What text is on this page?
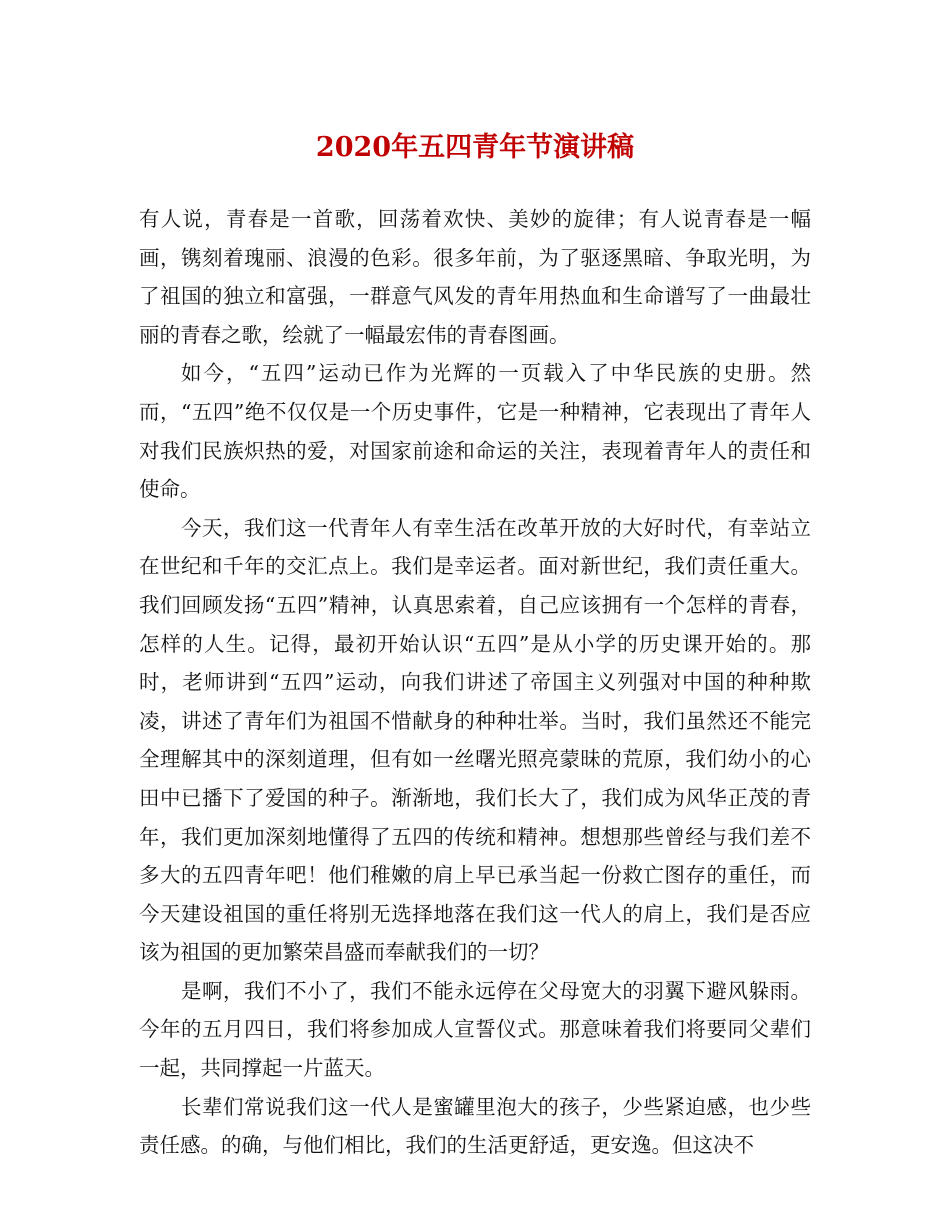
2020年五四青年节演讲稿

有人说，青春是一首歌，回荡着欢快、美妙的旋律；有人说青春是一幅画，镌刻着瑰丽、浪漫的色彩。很多年前，为了驱逐黑暗、争取光明，为了祖国的独立和富强，一群意气风发的青年用热血和生命谱写了一曲最壮丽的青春之歌，绘就了一幅最宏伟的青春图画。

如今，“五四”运动已作为光辉的一页载入了中华民族的史册。然而，“五四”绝不仅仅是一个历史事件，它是一种精神，它表现出了青年人对我们民族炽热的爱，对国家前途和命运的关注，表现着青年人的责任和使命。

今天，我们这一代青年人有幸生活在改革开放的大好时代，有幸站立在世纪和千年的交汇点上。我们是幸运者。面对新世纪，我们责任重大。我们回顾发扬“五四”精神，认真思索着，自己应该拥有一个怎样的青春，怎样的人生。记得，最初开始认识“五四”是从小学的历史课开始的。那时，老师讲到“五四”运动，向我们讲述了帝国主义列强对中国的种种欺凌，讲述了青年们为祖国不惜献身的种种壮举。当时，我们虽然还不能完全理解其中的深刻道理，但有如一丝曙光照亮蒙昧的荒原，我们幼小的心田中已播下了爱国的种子。渐渐地，我们长大了，我们成为风华正茂的青年，我们更加深刻地懂得了五四的传统和精神。想想那些曾经与我们差不多大的五四青年吧！他们稚嫩的肩上早已承当起一份救亡图存的重任，而今天建设祖国的重任将别无选择地落在我们这一代人的肩上，我们是否应该为祖国的更加繁荣昌盛而奉献我们的一切？

是啊，我们不小了，我们不能永远停在父母宽大的羽翼下避风躲雨。今年的五月四日，我们将参加成人宣誓仪式。那意味着我们将要同父辈们一起，共同撑起一片蓝天。

长辈们常说我们这一代人是蜜罐里泡大的孩子，少些紧迫感，也少些责任感。的确，与他们相比，我们的生活更舒适，更安逸。但这决不
